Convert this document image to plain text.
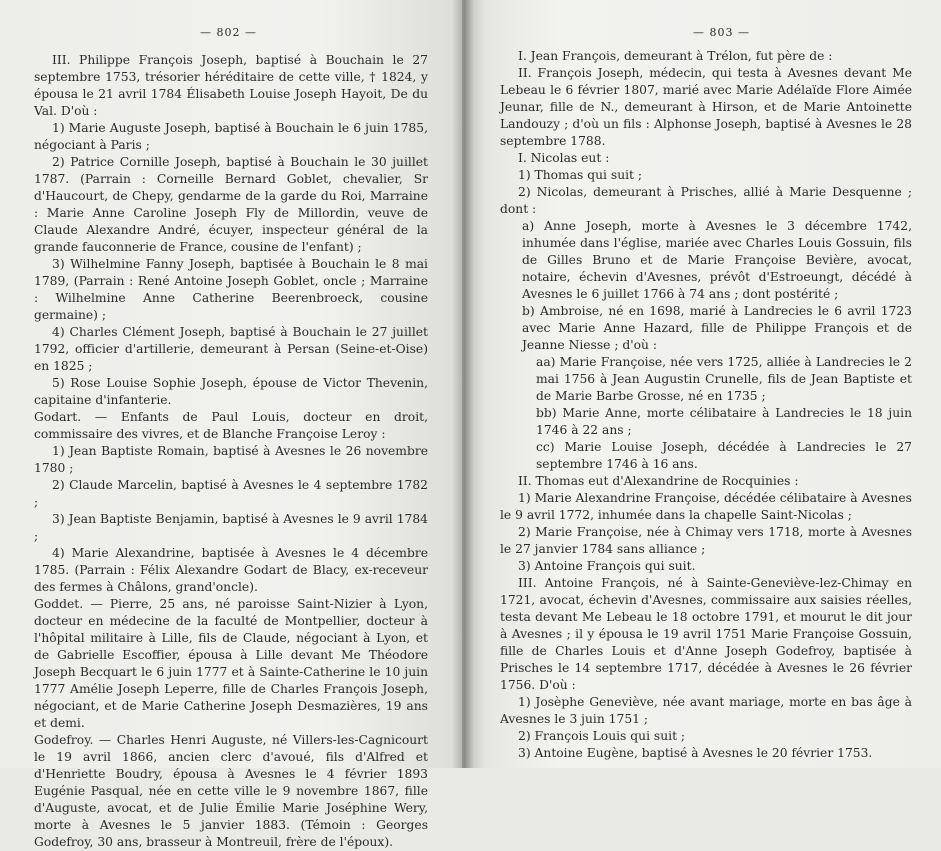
— 802 —

III. Philippe François Joseph, baptisé à Bouchain le 27 septembre 1753, trésorier héréditaire de cette ville, † 1824, y épousa le 21 avril 1784 Élisabeth Louise Joseph Hayoit, De du Val. D'où :

1) Marie Auguste Joseph, baptisé à Bouchain le 6 juin 1785, négociant à Paris ;

2) Patrice Cornille Joseph, baptisé à Bouchain le 30 juillet 1787. (Parrain : Corneille Bernard Goblet, chevalier, Sr d'Haucourt, de Chepy, gendarme de la garde du Roi, Marraine : Marie Anne Caroline Joseph Fly de Millordin, veuve de Claude Alexandre André, écuyer, inspecteur général de la grande fauconnerie de France, cousine de l'enfant) ;

3) Wilhelmine Fanny Joseph, baptisée à Bouchain le 8 mai 1789, (Parrain : René Antoine Joseph Goblet, oncle ; Marraine : Wilhelmine Anne Catherine Beerenbroeck, cousine germaine) ;

4) Charles Clément Joseph, baptisé à Bouchain le 27 juillet 1792, officier d'artillerie, demeurant à Persan (Seine-et-Oise) en 1825 ;

5) Rose Louise Sophie Joseph, épouse de Victor Thevenin, capitaine d'infanterie.

Godart. — Enfants de Paul Louis, docteur en droit, commissaire des vivres, et de Blanche Françoise Leroy :

1) Jean Baptiste Romain, baptisé à Avesnes le 26 novembre 1780 ;

2) Claude Marcelin, baptisé à Avesnes le 4 septembre 1782 ;

3) Jean Baptiste Benjamin, baptisé à Avesnes le 9 avril 1784 ;

4) Marie Alexandrine, baptisée à Avesnes le 4 décembre 1785. (Parrain : Félix Alexandre Godart de Blacy, ex-receveur des fermes à Châlons, grand'oncle).

Goddet. — Pierre, 25 ans, né paroisse Saint-Nizier à Lyon, docteur en médecine de la faculté de Montpellier, docteur à l'hôpital militaire à Lille, fils de Claude, négociant à Lyon, et de Gabrielle Escoffier, épousa à Lille devant Me Théodore Joseph Becquart le 6 juin 1777 et à Sainte-Catherine le 10 juin 1777 Amélie Joseph Leperre, fille de Charles François Joseph, négociant, et de Marie Catherine Joseph Desmazières, 19 ans et demi.

Godefroy. — Charles Henri Auguste, né Villers-les-Cagnicourt le 19 avril 1866, ancien clerc d'avoué, fils d'Alfred et d'Henriette Boudry, épousa à Avesnes le 4 février 1893 Eugénie Pasqual, née en cette ville le 9 novembre 1867, fille d'Auguste, avocat, et de Julie Émilie Marie Joséphine Wery, morte à Avesnes le 5 janvier 1883. (Témoin : Georges Godefroy, 30 ans, brasseur à Montreuil, frère de l'époux).

— 803 —

I. Jean François, demeurant à Trélon, fut père de :

II. François Joseph, médecin, qui testa à Avesnes devant Me Lebeau le 6 février 1807, marié avec Marie Adélaïde Flore Aimée Jeunar, fille de N., demeurant à Hirson, et de Marie Antoinette Landouzy ; d'où un fils : Alphonse Joseph, baptisé à Avesnes le 28 septembre 1788.

I. Nicolas eut :

1) Thomas qui suit ;

2) Nicolas, demeurant à Prisches, allié à Marie Desquenne ; dont :

a) Anne Joseph, morte à Avesnes le 3 décembre 1742, inhumée dans l'église, mariée avec Charles Louis Gossuin, fils de Gilles Bruno et de Marie Françoise Bevière, avocat, notaire, échevin d'Avesnes, prévôt d'Estroeungt, décédé à Avesnes le 6 juillet 1766 à 74 ans ; dont postérité ;

b) Ambroise, né en 1698, marié à Landrecies le 6 avril 1723 avec Marie Anne Hazard, fille de Philippe François et de Jeanne Niesse ; d'où :

aa) Marie Françoise, née vers 1725, alliée à Landrecies le 2 mai 1756 à Jean Augustin Crunelle, fils de Jean Baptiste et de Marie Barbe Grosse, né en 1735 ;

bb) Marie Anne, morte célibataire à Landrecies le 18 juin 1746 à 22 ans ;

cc) Marie Louise Joseph, décédée à Landrecies le 27 septembre 1746 à 16 ans.

II. Thomas eut d'Alexandrine de Rocquinies :

1) Marie Alexandrine Françoise, décédée célibataire à Avesnes le 9 avril 1772, inhumée dans la chapelle Saint-Nicolas ;

2) Marie Françoise, née à Chimay vers 1718, morte à Avesnes le 27 janvier 1784 sans alliance ;

3) Antoine François qui suit.

III. Antoine François, né à Sainte-Geneviève-lez-Chimay en 1721, avocat, échevin d'Avesnes, commissaire aux saisies réelles, testa devant Me Lebeau le 18 octobre 1791, et mourut le dit jour à Avesnes ; il y épousa le 19 avril 1751 Marie Françoise Gossuin, fille de Charles Louis et d'Anne Joseph Godefroy, baptisée à Prisches le 14 septembre 1717, décédée à Avesnes le 26 février 1756. D'où :

1) Josèphe Geneviève, née avant mariage, morte en bas âge à Avesnes le 3 juin 1751 ;

2) François Louis qui suit ;

3) Antoine Eugène, baptisé à Avesnes le 20 février 1753.
